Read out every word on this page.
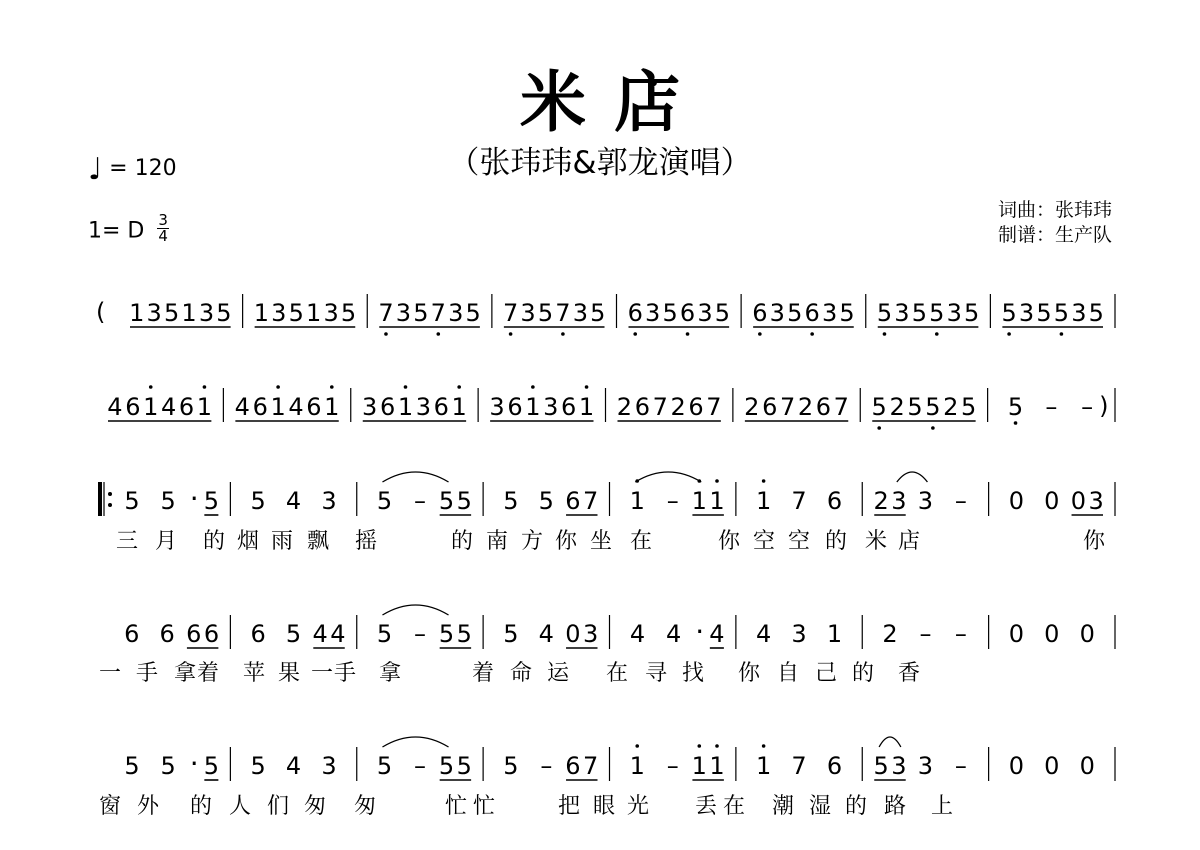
米店
（张玮玮&郭龙演唱）
♩ = 120
1= D $\frac{3}{4}$
词曲：张玮玮
制谱：生产队
( 1 3 5 1 3 5 1 3 5 1 3 5 7 3 5 7 3 5 7 3 5 7 3 5 6 3 5 6 3 5 6 3 5 6 3 5 5 3 5 5 3 5 5 3 5 5 3 5
4 6 1 4 6 1 4 6 1 4 6 1 3 6 1 3 6 1 3 6 1 3 6 1 2 6 7 2 6 7 2 6 7 2 6 7 5 2 5 5 2 5 5 – – )
5 5 · 5 5 4 3 5 – 5 5 5 5 6 7 1 – 1 1 1 7 6 2 3 3 – 0 0 0 3
6 6 6 6 6 5 4 4 5 – 5 5 5 4 0 3 4 4 · 4 4 3 1 2 – – 0 0 0
5 5 · 5 5 4 3 5 – 5 5 5 – 6 7 1 – 1 1 1 7 6 5 3 3 – 0 0 0
三 月 的 烟 雨 飘 摇	的 南 方 你 坐 在	你 空 空 的 米 店	你
一 手 拿 着 苹 果 一 手 拿	着 命 运 在 寻 找 你 自 己 的 香
窗 外 的 人 们 匆 匆	忙 忙	把 眼 光 丢 在 潮 湿 的 路 上
